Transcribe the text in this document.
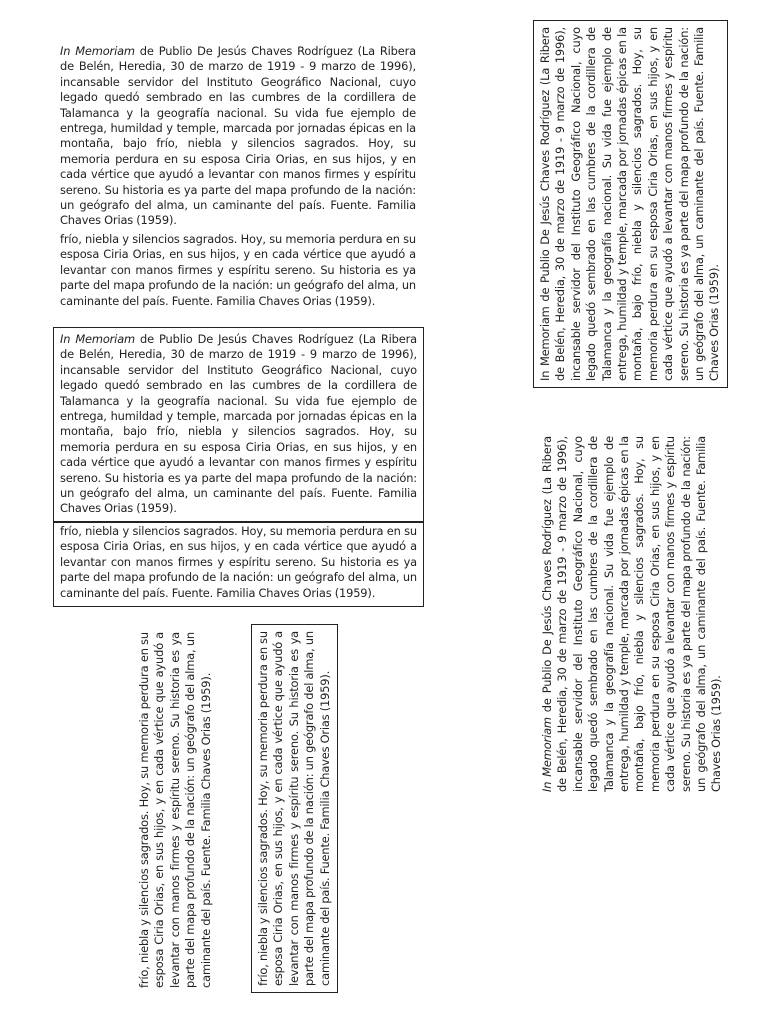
In Memoriam de Publio De Jesús Chaves Rodríguez (La Ribera de Belén, Heredia, 30 de marzo de 1919 - 9 marzo de 1996), incansable servidor del Instituto Geográfico Nacional, cuyo legado quedó sembrado en las cumbres de la cordillera de Talamanca y la geografía nacional. Su vida fue ejemplo de entrega, humildad y temple, marcada por jornadas épicas en la montaña, bajo frío, niebla y silencios sagrados. Hoy, su memoria perdura en su esposa Ciria Orias, en sus hijos, y en cada vértice que ayudó a levantar con manos firmes y espíritu sereno. Su historia es ya parte del mapa profundo de la nación: un geógrafo del alma, un caminante del país. Fuente. Familia Chaves Orias (1959).

frío, niebla y silencios sagrados. Hoy, su memoria perdura en su esposa Ciria Orias, en sus hijos, y en cada vértice que ayudó a levantar con manos firmes y espíritu sereno. Su historia es ya parte del mapa profundo de la nación: un geógrafo del alma, un caminante del país. Fuente. Familia Chaves Orias (1959).

In Memoriam de Publio De Jesús Chaves Rodríguez (La Ribera de Belén, Heredia, 30 de marzo de 1919 - 9 marzo de 1996), incansable servidor del Instituto Geográfico Nacional, cuyo legado quedó sembrado en las cumbres de la cordillera de Talamanca y la geografía nacional. Su vida fue ejemplo de entrega, humildad y temple, marcada por jornadas épicas en la montaña, bajo frío, niebla y silencios sagrados. Hoy, su memoria perdura en su esposa Ciria Orias, en sus hijos, y en cada vértice que ayudó a levantar con manos firmes y espíritu sereno. Su historia es ya parte del mapa profundo de la nación: un geógrafo del alma, un caminante del país. Fuente. Familia Chaves Orias (1959).

frío, niebla y silencios sagrados. Hoy, su memoria perdura en su esposa Ciria Orias, en sus hijos, y en cada vértice que ayudó a levantar con manos firmes y espíritu sereno. Su historia es ya parte del mapa profundo de la nación: un geógrafo del alma, un caminante del país. Fuente. Familia Chaves Orias (1959).

frío, niebla y silencios sagrados. Hoy, su memoria perdura en su esposa Ciria Orias, en sus hijos, y en cada vértice que ayudó a levantar con manos firmes y espíritu sereno. Su historia es ya parte del mapa profundo de la nación: un geógrafo del alma, un caminante del país. Fuente. Familia Chaves Orias (1959).	frío, niebla y silencios sagrados. Hoy, su memoria perdura en su esposa Ciria Orias, en sus hijos, y en cada vértice que ayudó a levantar con manos firmes y espíritu sereno. Su historia es ya parte del mapa profundo de la nación: un geógrafo del alma, un caminante del país. Fuente. Familia Chaves Orias (1959).	In Memoriam de Publio De Jesús Chaves Rodríguez (La Ribera de Belén, Heredia, 30 de marzo de 1919 - 9 marzo de 1996), incansable servidor del Instituto Geográfico Nacional, cuyo legado quedó sembrado en las cumbres de la cordillera de Talamanca y la geografía nacional. Su vida fue ejemplo de entrega, humildad y temple, marcada por jornadas épicas en la montaña, bajo frío, niebla y silencios sagrados. Hoy, su memoria perdura en su esposa Ciria Orias, en sus hijos, y en cada vértice que ayudó a levantar con manos firmes y espíritu sereno. Su historia es ya parte del mapa profundo de la nación: un geógrafo del alma, un caminante del país. Fuente. Familia Chaves Orias (1959).

In Memoriam de Publio De Jesús Chaves Rodríguez (La Ribera de Belén, Heredia, 30 de marzo de 1919 - 9 marzo de 1996), incansable servidor del Instituto Geográfico Nacional, cuyo legado quedó sembrado en las cumbres de la cordillera de Talamanca y la geografía nacional. Su vida fue ejemplo de entrega, humildad y temple, marcada por jornadas épicas en la montaña, bajo frío, niebla y silencios sagrados. Hoy, su memoria perdura en su esposa Ciria Orias, en sus hijos, y en cada vértice que ayudó a levantar con manos firmes y espíritu sereno. Su historia es ya parte del mapa profundo de la nación: un geógrafo del alma, un caminante del país. Fuente. Familia Chaves Orias (1959).
